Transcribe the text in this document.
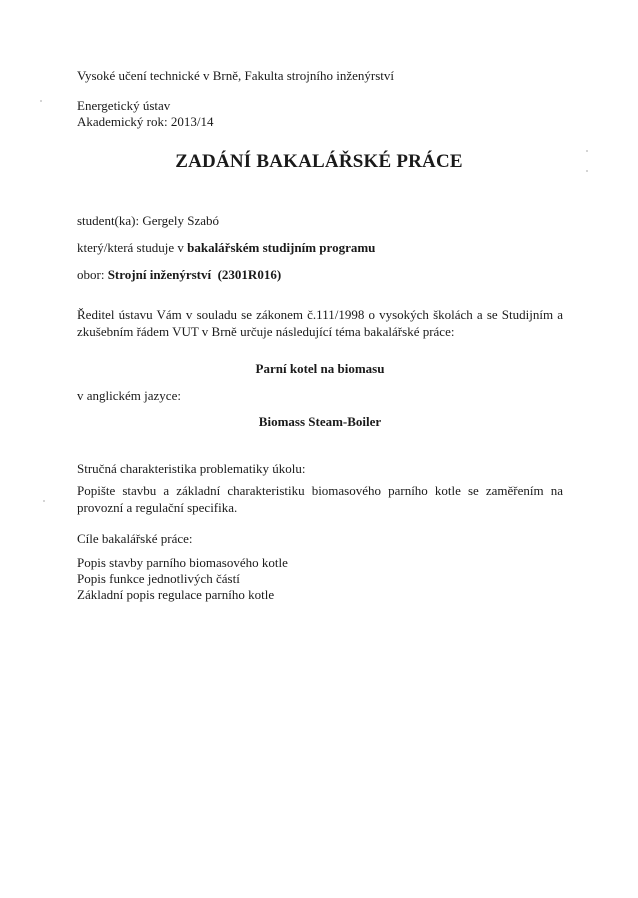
Vysoké učení technické v Brně, Fakulta strojního inženýrství
Energetický ústav
Akademický rok: 2013/14
ZADÁNÍ BAKALÁŘSKÉ PRÁCE
student(ka): Gergely Szabó
který/která studuje v bakalářském studijním programu
obor: Strojní inženýrství  (2301R016)
Ředitel ústavu Vám v souladu se zákonem č.111/1998 o vysokých školách a se Studijním a zkušebním řádem VUT v Brně určuje následující téma bakalářské práce:
Parní kotel na biomasu
v anglickém jazyce:
Biomass Steam-Boiler
Stručná charakteristika problematiky úkolu:
Popište stavbu a základní charakteristiku biomasového parního kotle se zaměřením na provozní a regulační specifika.
Cíle bakalářské práce:
Popis stavby parního biomasového kotle
Popis funkce jednotlivých částí
Základní popis regulace parního kotle
